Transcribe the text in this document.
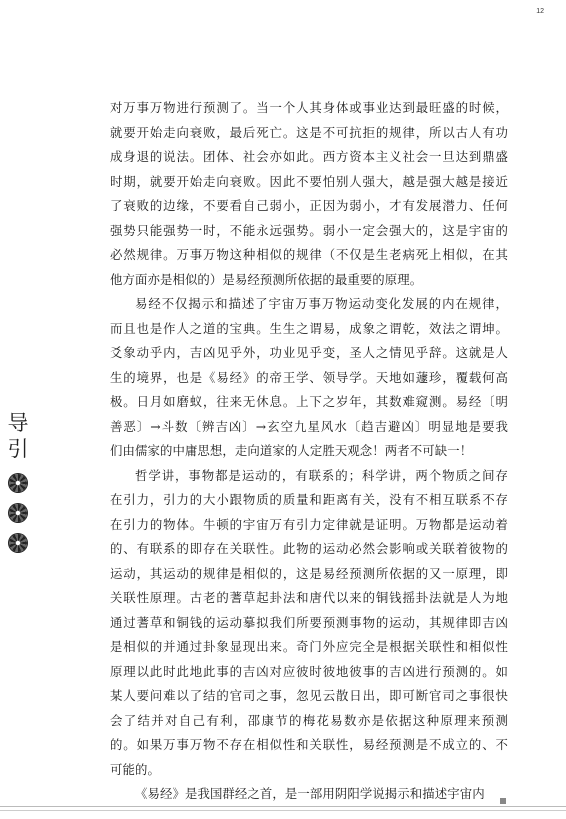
12
导
引
对万事万物进行预测了。当一个人其身体或事业达到最旺盛的时候，
就要开始走向衰败，最后死亡。这是不可抗拒的规律，所以古人有功
成身退的说法。团体、社会亦如此。西方资本主义社会一旦达到鼎盛
时期，就要开始走向衰败。因此不要怕别人强大，越是强大越是接近
了衰败的边缘，不要看自己弱小，正因为弱小，才有发展潜力、任何
强势只能强势一时，不能永远强势。弱小一定会强大的，这是宇宙的
必然规律。万事万物这种相似的规律（不仅是生老病死上相似，在其
他方面亦是相似的）是易经预测所依据的最重要的原理。
易经不仅揭示和描述了宇宙万事万物运动变化发展的内在规律，
而且也是作人之道的宝典。生生之谓易，成象之谓乾，效法之谓坤。
爻象动乎内，吉凶见乎外，功业见乎变，圣人之情见乎辞。这就是人
生的境界，也是《易经》的帝王学、领导学。天地如蘧珍，覆载何高
极。日月如磨蚁，往来无休息。上下之岁年，其数难窥测。易经〔明
善恶〕→斗数〔辨吉凶〕→玄空九星风水〔趋吉避凶〕明显地是要我
们由儒家的中庸思想，走向道家的人定胜天观念！两者不可缺一！
哲学讲，事物都是运动的，有联系的；科学讲，两个物质之间存
在引力，引力的大小跟物质的质量和距离有关，没有不相互联系不存
在引力的物体。牛顿的宇宙万有引力定律就是证明。万物都是运动着
的、有联系的即存在关联性。此物的运动必然会影响或关联着彼物的
运动，其运动的规律是相似的，这是易经预测所依据的又一原理，即
关联性原理。古老的蓍草起卦法和唐代以来的铜钱摇卦法就是人为地
通过蓍草和铜钱的运动摹拟我们所要预测事物的运动，其规律即吉凶
是相似的并通过卦象显现出来。奇门外应完全是根据关联性和相似性
原理以此时此地此事的吉凶对应彼时彼地彼事的吉凶进行预测的。如
某人要问难以了结的官司之事，忽见云散日出，即可断官司之事很快
会了结并对自己有利，邵康节的梅花易数亦是依据这种原理来预测
的。如果万事万物不存在相似性和关联性，易经预测是不成立的、不
可能的。
《易经》是我国群经之首，是一部用阴阳学说揭示和描述宇宙内
